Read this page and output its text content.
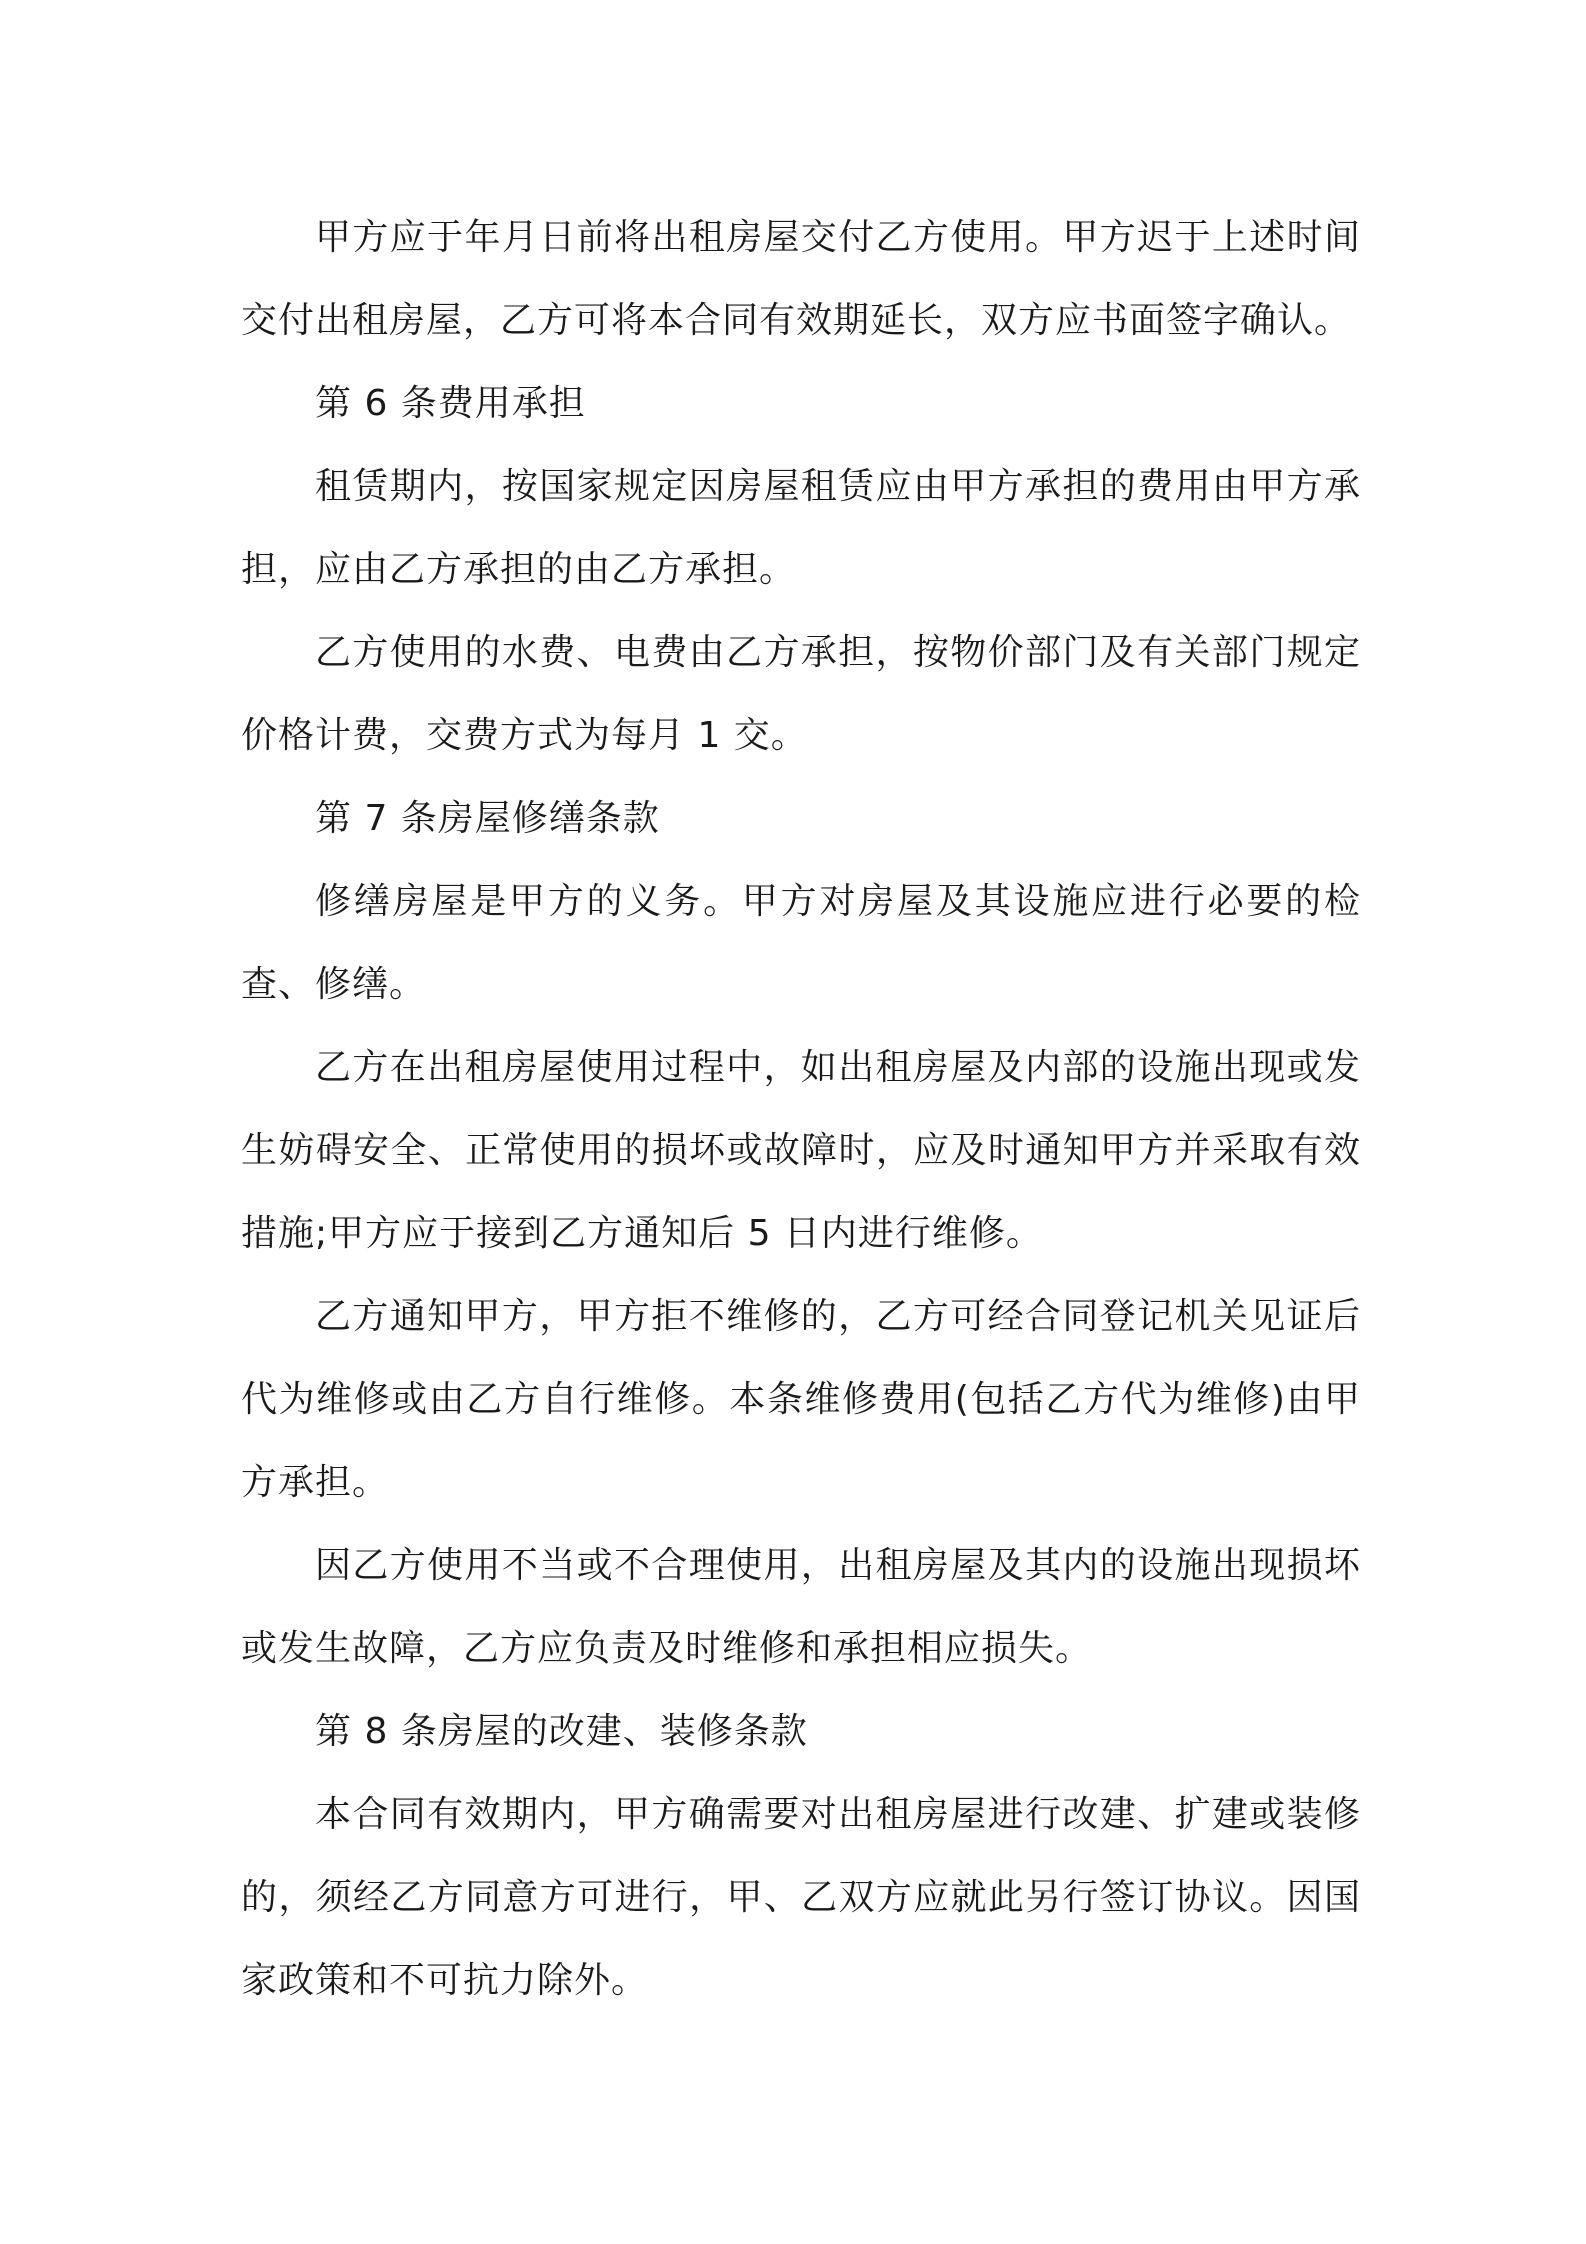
甲方应于年月日前将出租房屋交付乙方使用。甲方迟于上述时间交付出租房屋，乙方可将本合同有效期延长，双方应书面签字确认。

第 6 条费用承担

租赁期内，按国家规定因房屋租赁应由甲方承担的费用由甲方承担，应由乙方承担的由乙方承担。

乙方使用的水费、电费由乙方承担，按物价部门及有关部门规定价格计费，交费方式为每月 1 交。

第 7 条房屋修缮条款

修缮房屋是甲方的义务。甲方对房屋及其设施应进行必要的检查、修缮。

乙方在出租房屋使用过程中，如出租房屋及内部的设施出现或发生妨碍安全、正常使用的损坏或故障时，应及时通知甲方并采取有效措施;甲方应于接到乙方通知后 5 日内进行维修。

乙方通知甲方，甲方拒不维修的，乙方可经合同登记机关见证后代为维修或由乙方自行维修。本条维修费用(包括乙方代为维修)由甲方承担。

因乙方使用不当或不合理使用，出租房屋及其内的设施出现损坏或发生故障，乙方应负责及时维修和承担相应损失。

第 8 条房屋的改建、装修条款

本合同有效期内，甲方确需要对出租房屋进行改建、扩建或装修的，须经乙方同意方可进行，甲、乙双方应就此另行签订协议。因国家政策和不可抗力除外。
